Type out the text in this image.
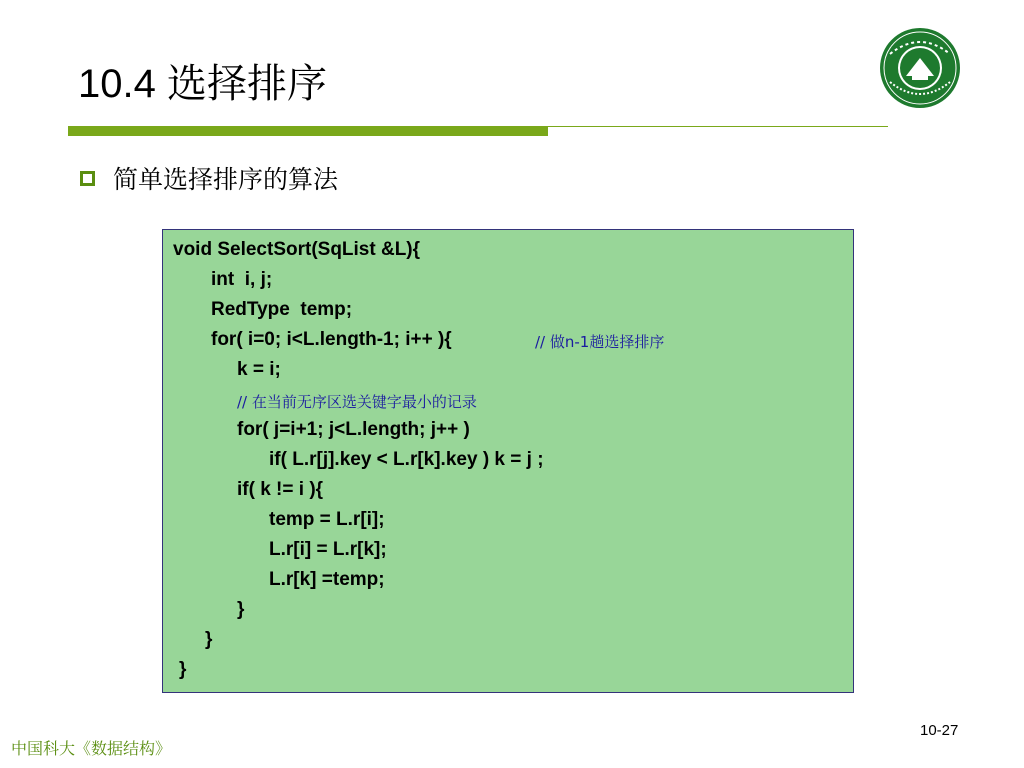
10.4 选择排序	1958
简单选择排序的算法
void SelectSort(SqList &L){
int  i, j;
RedType  temp;
for( i=0; i<L.length-1; i++ ){	// 做n-1趟选择排序
k = i;
// 在当前无序区选关键字最小的记录
for( j=i+1; j<L.length; j++ )
if( L.r[j].key < L.r[k].key ) k = j ;
if( k != i ){
temp = L.r[i];
L.r[i] = L.r[k];
L.r[k] =temp;
}
}
}
中国科大《数据结构》
10-27
